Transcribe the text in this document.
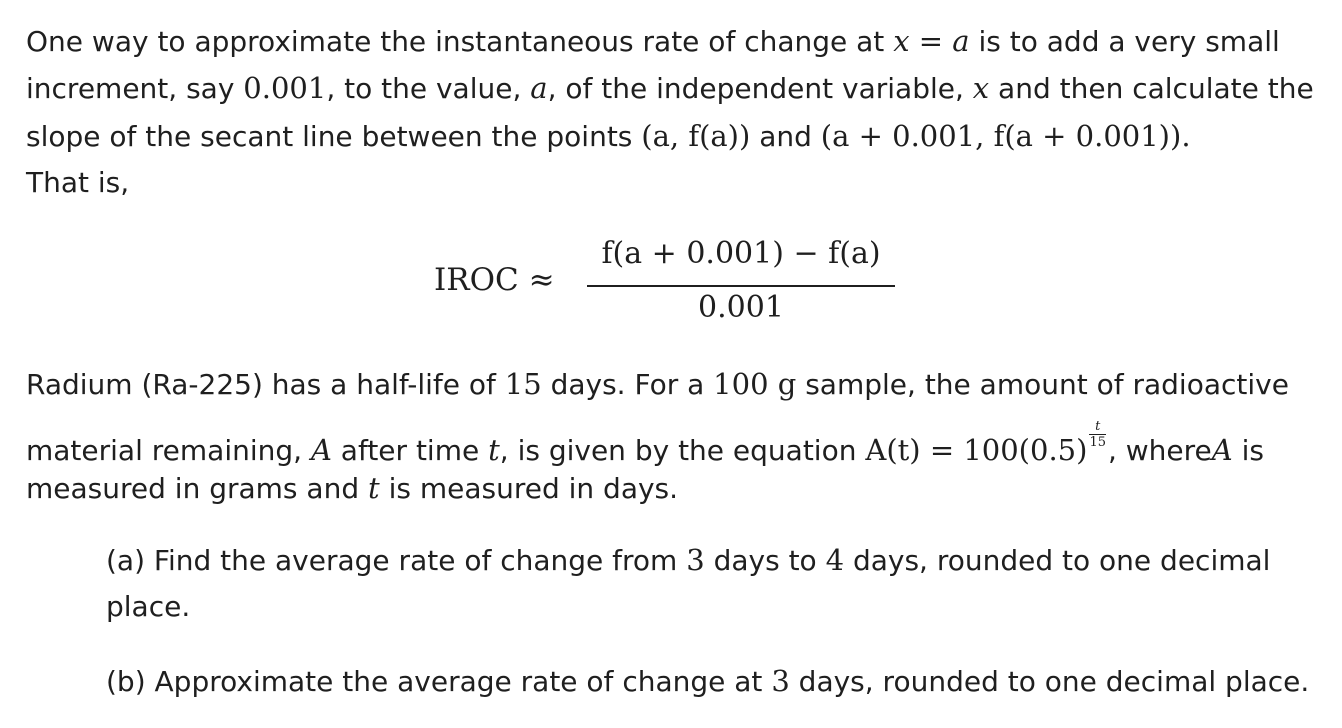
One way to approximate the instantaneous rate of change at x = a is to add a very small
increment, say 0.001, to the value, a, of the independent variable, x and then calculate the
slope of the secant line between the points (a, f(a)) and (a + 0.001, f(a + 0.001)).
That is,
IROC ≈
f(a + 0.001) − f(a)
0.001
Radium (Ra-225) has a half-life of 15 days. For a 100 g sample, the amount of radioactive
material remaining, A after time t, is given by the equation $A(t) = 100(0.5) \frac{t}{15}$ , whereA is
measured in grams and t is measured in days.
(a) Find the average rate of change from 3 days to 4 days, rounded to one decimal
place.
(b) Approximate the average rate of change at 3 days, rounded to one decimal place.
